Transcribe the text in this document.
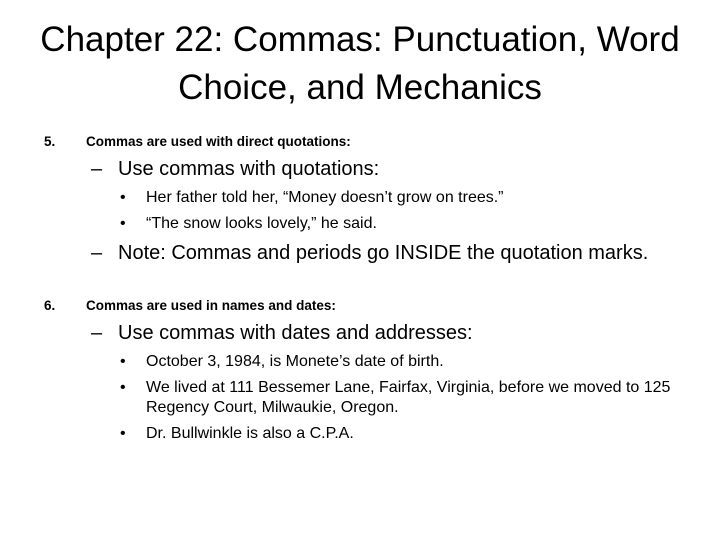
Chapter 22: Commas: Punctuation, Word Choice, and Mechanics
5. Commas are used with direct quotations:
– Use commas with quotations:
• Her father told her, “Money doesn’t grow on trees.”
• “The snow looks lovely,” he said.
– Note: Commas and periods go INSIDE the quotation marks.
6. Commas are used in names and dates:
– Use commas with dates and addresses:
• October 3, 1984, is Monete’s date of birth.
• We lived at 111 Bessemer Lane, Fairfax, Virginia, before we moved to 125 Regency Court, Milwaukie, Oregon.
• Dr. Bullwinkle is also a C.P.A.
